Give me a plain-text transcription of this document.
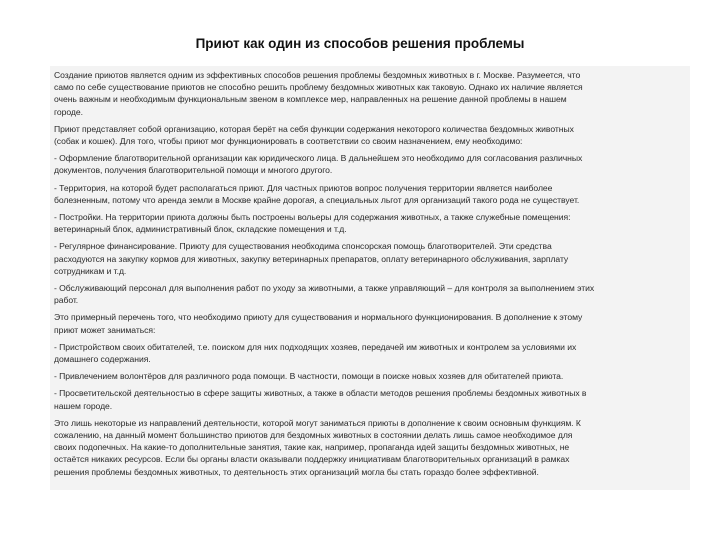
Приют как один из способов решения проблемы
Создание приютов является одним из эффективных способов решения проблемы бездомных животных в г. Москве. Разумеется, что
само по себе существование приютов не способно решить проблему бездомных животных как таковую. Однако их наличие является
очень важным и необходимым функциональным звеном в комплексе мер, направленных на решение данной проблемы в нашем
городе.
Приют представляет собой организацию, которая берёт на себя функции содержания некоторого количества бездомных животных
(собак и кошек). Для того, чтобы приют мог функционировать в соответствии со своим назначением, ему необходимо:
- Оформление благотворительной организации как юридического лица. В дальнейшем это необходимо для согласования различных
документов, получения благотворительной помощи и многого другого.
- Территория, на которой будет располагаться приют. Для частных приютов вопрос получения территории является наиболее
болезненным, потому что аренда земли в Москве крайне дорогая, а специальных льгот для организаций такого рода не существует.
- Постройки. На территории приюта должны быть построены вольеры для содержания животных, а также служебные помещения:
ветеринарный блок, административный блок, складские помещения и т.д.
- Регулярное финансирование. Приюту для существования необходима спонсорская помощь благотворителей. Эти средства
расходуются на закупку кормов для животных, закупку ветеринарных препаратов, оплату ветеринарного обслуживания, зарплату
сотрудникам и т.д.
- Обслуживающий персонал для выполнения работ по уходу за животными, а также управляющий – для контроля за выполнением этих
работ.
Это примерный перечень того, что необходимо приюту для существования и нормального функционирования. В дополнение к этому
приют может заниматься:
- Пристройством своих обитателей, т.е. поиском для них подходящих хозяев, передачей им животных и контролем за условиями их
домашнего содержания.
- Привлечением волонтёров для различного рода помощи. В частности, помощи в поиске новых хозяев для обитателей приюта.
- Просветительской деятельностью в сфере защиты животных, а также в области методов решения проблемы бездомных животных в
нашем городе.
Это лишь некоторые из направлений деятельности, которой могут заниматься приюты в дополнение к своим основным функциям. К
сожалению, на данный момент большинство приютов для бездомных животных в состоянии делать лишь самое необходимое для
своих подопечных. На какие-то дополнительные занятия, такие как, например, пропаганда идей защиты бездомных животных, не
остаётся никаких ресурсов. Если бы органы власти оказывали поддержку инициативам благотворительных организаций в рамках
решения проблемы бездомных животных, то деятельность этих организаций могла бы стать гораздо более эффективной.
